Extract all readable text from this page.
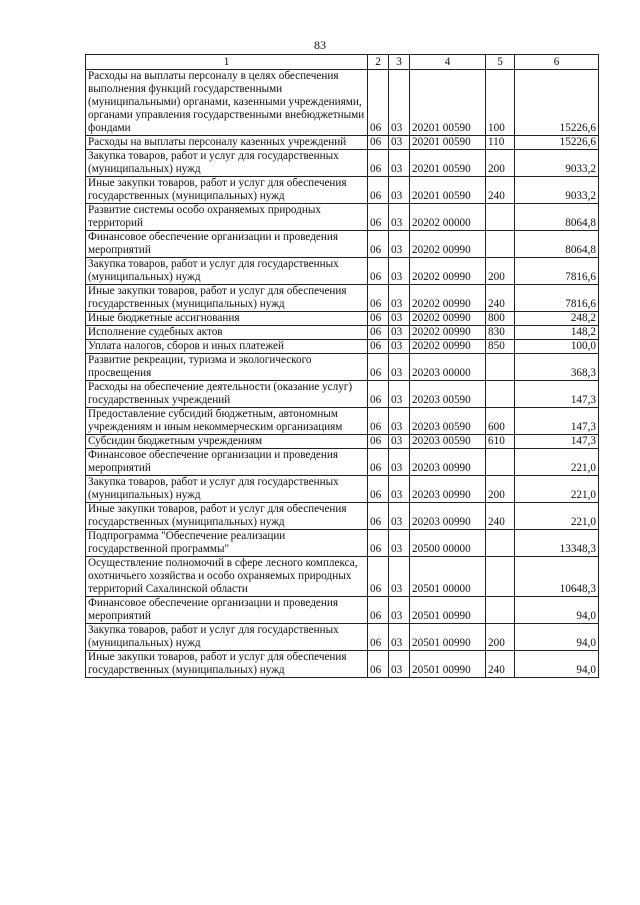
83
1	2	3	4	5	6
Расходы на выплаты персоналу в целях обеспечения выполнения функций государственными (муниципальными) органами, казенными учреждениями, органами управления государственными внебюджетными фондами	06	03	20201 00590	100	15226,6
Расходы на выплаты персоналу казенных учреждений	06	03	20201 00590	110	15226,6
Закупка товаров, работ и услуг для государственных (муниципальных) нужд	06	03	20201 00590	200	9033,2
Иные закупки товаров, работ и услуг для обеспечения государственных (муниципальных) нужд	06	03	20201 00590	240	9033,2
Развитие системы особо охраняемых природных территорий	06	03	20202 00000		8064,8
Финансовое обеспечение организации и проведения мероприятий	06	03	20202 00990		8064,8
Закупка товаров, работ и услуг для государственных (муниципальных) нужд	06	03	20202 00990	200	7816,6
Иные закупки товаров, работ и услуг для обеспечения государственных (муниципальных) нужд	06	03	20202 00990	240	7816,6
Иные бюджетные ассигнования	06	03	20202 00990	800	248,2
Исполнение судебных актов	06	03	20202 00990	830	148,2
Уплата налогов, сборов и иных платежей	06	03	20202 00990	850	100,0
Развитие рекреации, туризма и экологического просвещения	06	03	20203 00000		368,3
Расходы на обеспечение деятельности (оказание услуг) государственных учреждений	06	03	20203 00590		147,3
Предоставление субсидий бюджетным, автономным учреждениям и иным некоммерческим организациям	06	03	20203 00590	600	147,3
Субсидии бюджетным учреждениям	06	03	20203 00590	610	147,3
Финансовое обеспечение организации и проведения мероприятий	06	03	20203 00990		221,0
Закупка товаров, работ и услуг для государственных (муниципальных) нужд	06	03	20203 00990	200	221,0
Иные закупки товаров, работ и услуг для обеспечения государственных (муниципальных) нужд	06	03	20203 00990	240	221,0
Подпрограмма "Обеспечение реализации государственной программы"	06	03	20500 00000		13348,3
Осуществление полномочий в сфере лесного комплекса, охотничьего хозяйства и особо охраняемых природных территорий Сахалинской области	06	03	20501 00000		10648,3
Финансовое обеспечение организации и проведения мероприятий	06	03	20501 00990		94,0
Закупка товаров, работ и услуг для государственных (муниципальных) нужд	06	03	20501 00990	200	94,0
Иные закупки товаров, работ и услуг для обеспечения государственных (муниципальных) нужд	06	03	20501 00990	240	94,0
